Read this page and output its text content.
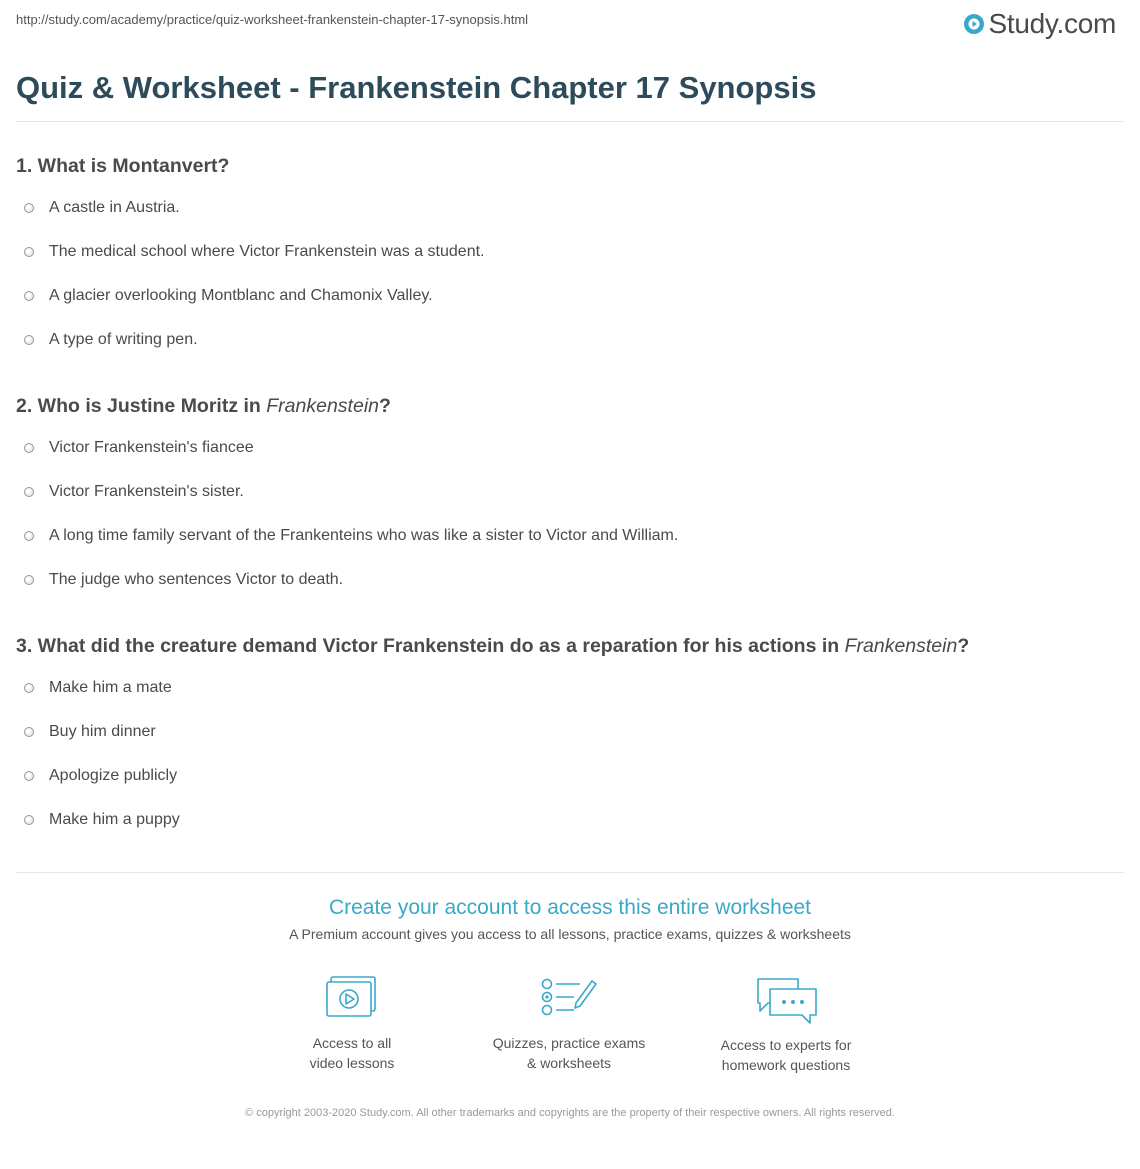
http://study.com/academy/practice/quiz-worksheet-frankenstein-chapter-17-synopsis.html	Study.com
Quiz & Worksheet - Frankenstein Chapter 17 Synopsis

1. What is Montanvert?

A castle in Austria.
The medical school where Victor Frankenstein was a student.
A glacier overlooking Montblanc and Chamonix Valley.
A type of writing pen.

2. Who is Justine Moritz in Frankenstein?

Victor Frankenstein's fiancee
Victor Frankenstein's sister.
A long time family servant of the Frankenteins who was like a sister to Victor and William.
The judge who sentences Victor to death.

3. What did the creature demand Victor Frankenstein do as a reparation for his actions in Frankenstein?

Make him a mate
Buy him dinner
Apologize publicly
Make him a puppy
Create your account to access this entire worksheet
A Premium account gives you access to all lessons, practice exams, quizzes & worksheets
Access to all
video lessons
Quizzes, practice exams
& worksheets
Access to experts for
homework questions
© copyright 2003-2020 Study.com. All other trademarks and copyrights are the property of their respective owners. All rights reserved.
